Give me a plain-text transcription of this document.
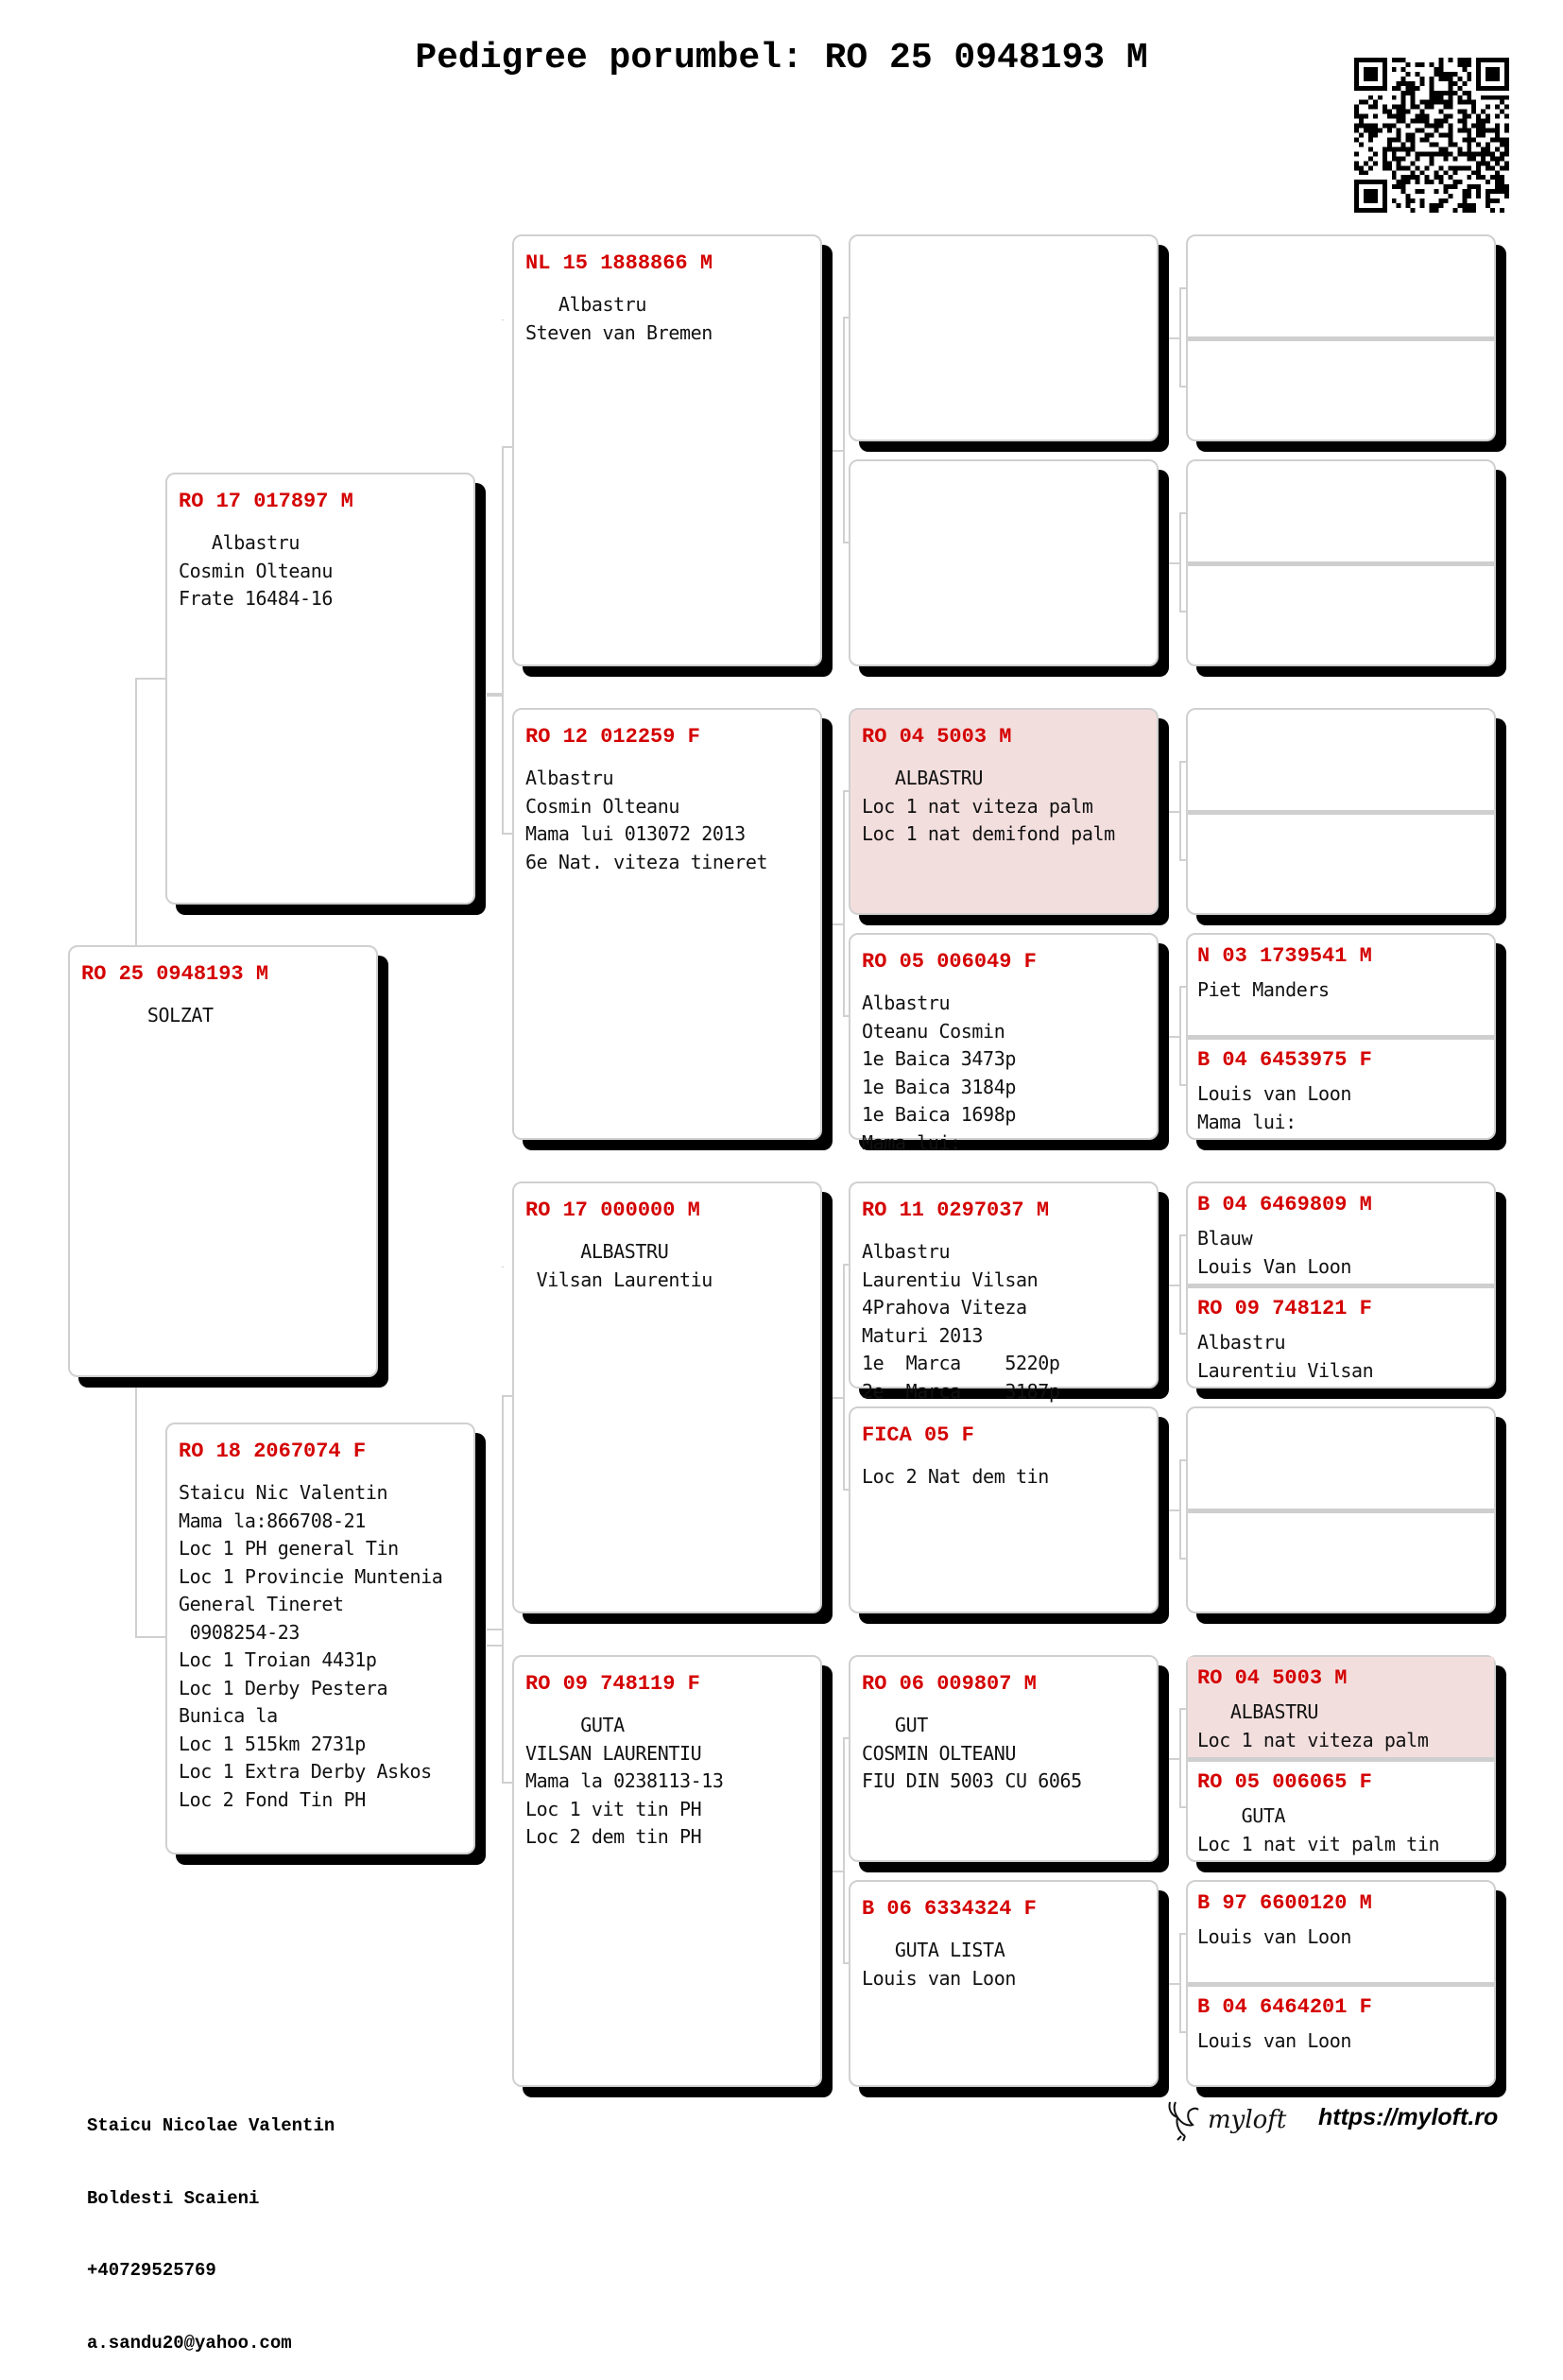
Pedigree porumbel: RO 25 0948193 M
RO 25 0948193 M
SOLZAT
RO 17 017897 M
Albastru
Cosmin Olteanu
Frate 16484-16
RO 18 2067074 F
Staicu Nic Valentin
Mama la:866708-21
Loc 1 PH general Tin
Loc 1 Provincie Muntenia
General Tineret
0908254-23
Loc 1 Troian 4431p
Loc 1 Derby Pestera
Bunica la
Loc 1 515km 2731p
Loc 1 Extra Derby Askos
Loc 2 Fond Tin PH
NL 15 1888866 M
Albastru
Steven van Bremen
RO 12 012259 F
Albastru
Cosmin Olteanu
Mama lui 013072 2013
6e Nat. viteza tineret
RO 17 000000 M
ALBASTRU
Vilsan Laurentiu
RO 09 748119 F
GUTA
VILSAN LAURENTIU
Mama la 0238113-13
Loc 1 vit tin PH
Loc 2 dem tin PH
RO 04 5003 M
ALBASTRU
Loc 1 nat viteza palm
Loc 1 nat demifond palm
RO 05 006049 F
Albastru
Oteanu Cosmin
1e Baica 3473p
1e Baica 3184p
1e Baica 1698p
Mama lui:
RO 11 0297037 M
Albastru
Laurentiu Vilsan
4Prahova Viteza
Maturi 2013
1e  Marca    5220p
2e  Marca    3187p
FICA 05 F
Loc 2 Nat dem tin
RO 06 009807 M
GUT
COSMIN OLTEANU
FIU DIN 5003 CU 6065
B 06 6334324 F
GUTA LISTA
Louis van Loon
N 03 1739541 M
Piet Manders
B 04 6453975 F
Louis van Loon
Mama lui:
B 04 6469809 M
Blauw
Louis Van Loon
RO 09 748121 F
Albastru
Laurentiu Vilsan
RO 04 5003 M
ALBASTRU
Loc 1 nat viteza palm
RO 05 006065 F
GUTA
Loc 1 nat vit palm tin
B 97 6600120 M
Louis van Loon
B 04 6464201 F
Louis van Loon

Staicu Nicolae Valentin

Boldesti Scaieni

+40729525769

a.sandu20@yahoo.com

myloft https://myloft.ro
